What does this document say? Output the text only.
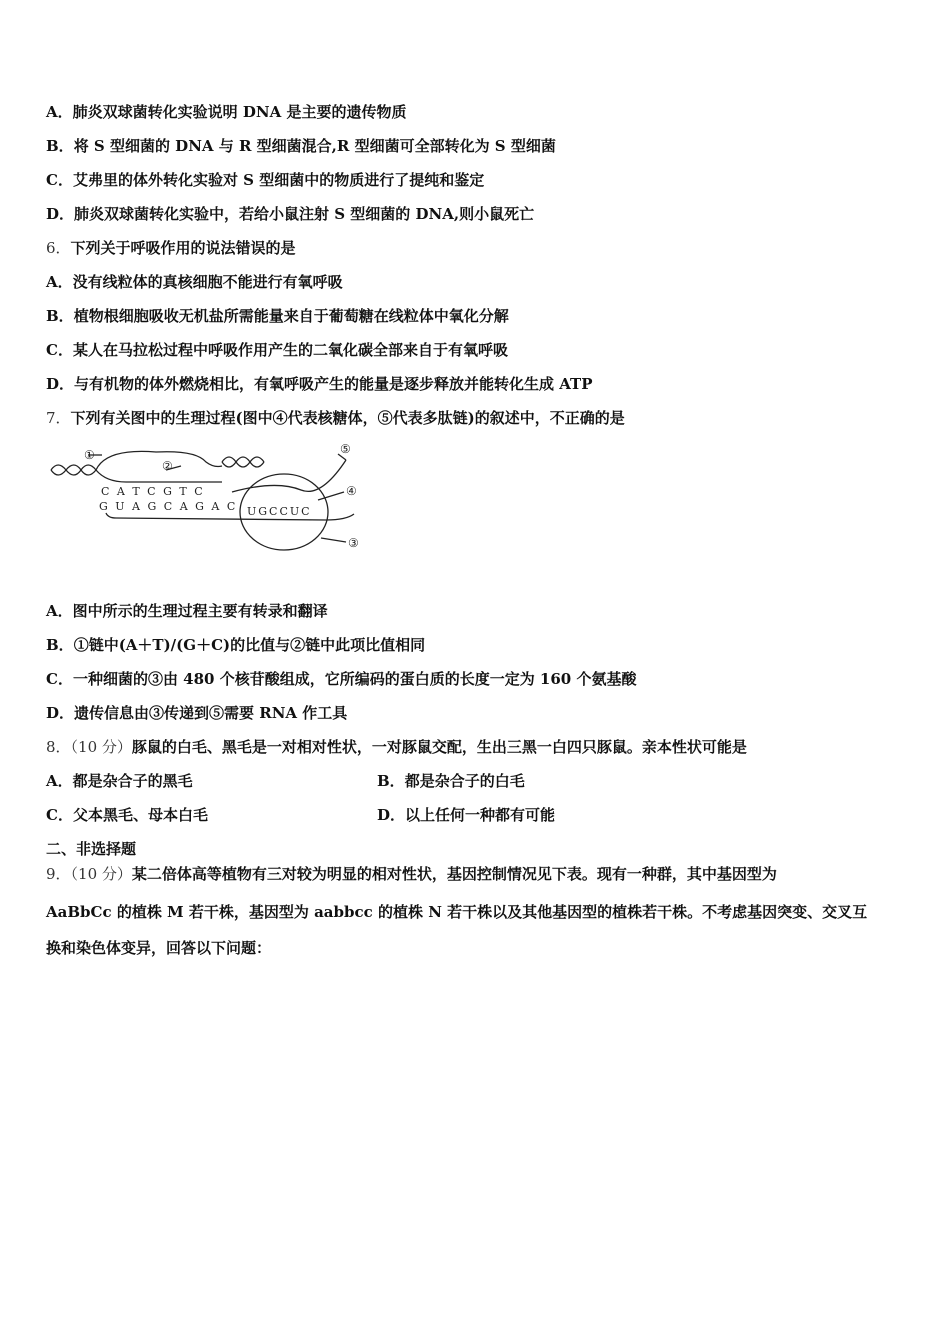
A．肺炎双球菌转化实验说明 DNA 是主要的遗传物质
B．将 S 型细菌的 DNA 与 R 型细菌混合,R 型细菌可全部转化为 S 型细菌
C．艾弗里的体外转化实验对 S 型细菌中的物质进行了提纯和鉴定
D．肺炎双球菌转化实验中，若给小鼠注射 S 型细菌的 DNA,则小鼠死亡
6．下列关于呼吸作用的说法错误的是
A．没有线粒体的真核细胞不能进行有氧呼吸
B．植物根细胞吸收无机盐所需能量来自于葡萄糖在线粒体中氧化分解
C．某人在马拉松过程中呼吸作用产生的二氧化碳全部来自于有氧呼吸
D．与有机物的体外燃烧相比，有氧呼吸产生的能量是逐步释放并能转化生成 ATP
7．下列有关图中的生理过程(图中④代表核糖体，⑤代表多肽链)的叙述中，不正确的是
①
②
⑤
④
③
C A T C G T C
G U A G C A G A C UGCCUC
A．图中所示的生理过程主要有转录和翻译
B．①链中(A＋T)/(G＋C)的比值与②链中此项比值相同
C．一种细菌的③由 480 个核苷酸组成，它所编码的蛋白质的长度一定为 160 个氨基酸
D．遗传信息由③传递到⑤需要 RNA 作工具
8．（10 分）豚鼠的白毛、黑毛是一对相对性状，一对豚鼠交配，生出三黑一白四只豚鼠。亲本性状可能是
A．都是杂合子的黑毛	B．都是杂合子的白毛
C．父本黑毛、母本白毛	D．以上任何一种都有可能
二、非选择题
9．（10 分）某二倍体高等植物有三对较为明显的相对性状，基因控制情况见下表。现有一种群，其中基因型为
AaBbCc 的植株 M 若干株，基因型为 aabbcc 的植株 N 若干株以及其他基因型的植株若干株。不考虑基因突变、交叉互
换和染色体变异，回答以下问题：
